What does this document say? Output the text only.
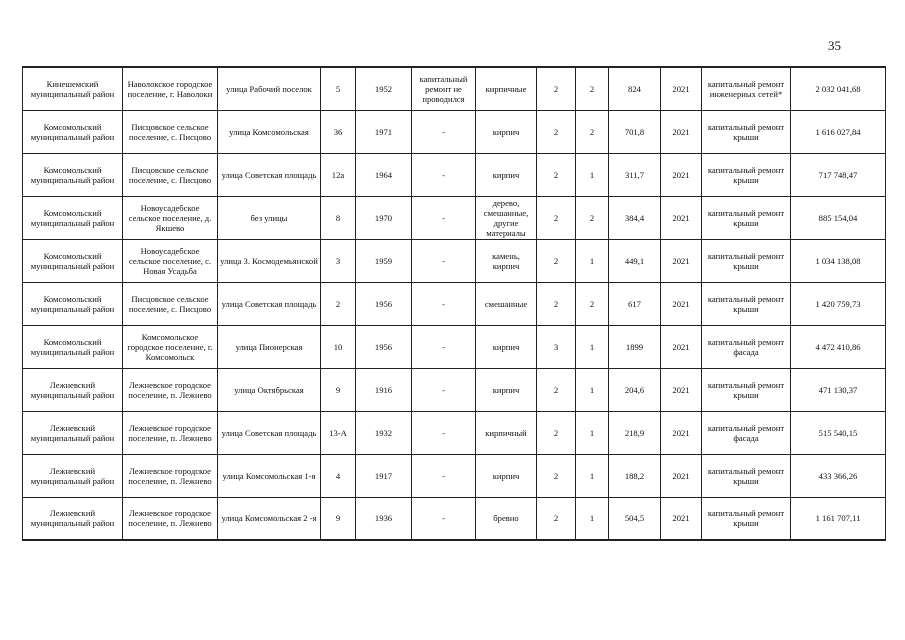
35
Кинешемский муниципальный район	Наволокское городское поселение, г. Наволоки	улица Рабочий поселок	5	1952	капитальный ремонт не проводился	кирпичные	2	2	824	2021	капитальный ремонт инженерных сетей*	2 032 041,68
Комсомольский муниципальный район	Писцовское сельское поселение, с. Писцово	улица Комсомольская	36	1971	-	кирпич	2	2	701,8	2021	капитальный ремонт крыши	1 616 027,84
Комсомольский муниципальный район	Писцовское сельское поселение, с. Писцово	улица Советская площадь	12а	1964	-	кирпич	2	1	311,7	2021	капитальный ремонт крыши	717 748,47
Комсомольский муниципальный район	Новоусадебское сельское поселение, д. Якшево	без улицы	8	1970	-	дерево, смешанные, другие материалы	2	2	384,4	2021	капитальный ремонт крыши	885 154,04
Комсомольский муниципальный район	Новоусадебское сельское поселение, с. Новая Усадьба	улица З. Космодемьянской	3	1959	-	камень, кирпич	2	1	449,1	2021	капитальный ремонт крыши	1 034 138,08
Комсомольский муниципальный район	Писцовское сельское поселение, с. Писцово	улица Советская площадь	2	1956	-	смешанные	2	2	617	2021	капитальный ремонт крыши	1 420 759,73
Комсомольский муниципальный район	Комсомольское городское поселение, г. Комсомольск	улица Пионерская	10	1956	-	кирпич	3	1	1899	2021	капитальный ремонт фасада	4 472 410,86
Лежневский муниципальный район	Лежневское городское поселение, п. Лежнево	улица Октябрьская	9	1916	-	кирпич	2	1	204,6	2021	капитальный ремонт крыши	471 130,37
Лежневский муниципальный район	Лежневское городское поселение, п. Лежнево	улица Советская площадь	13-А	1932	-	кирпичный	2	1	218,9	2021	капитальный ремонт фасада	515 540,15
Лежневский муниципальный район	Лежневское городское поселение, п. Лежнево	улица Комсомольская 1-я	4	1917	-	кирпич	2	1	188,2	2021	капитальный ремонт крыши	433 366,26
Лежневский муниципальный район	Лежневское городское поселение, п. Лежнево	улица Комсомольская 2 -я	9	1936	-	бревно	2	1	504,5	2021	капитальный ремонт крыши	1 161 707,11
